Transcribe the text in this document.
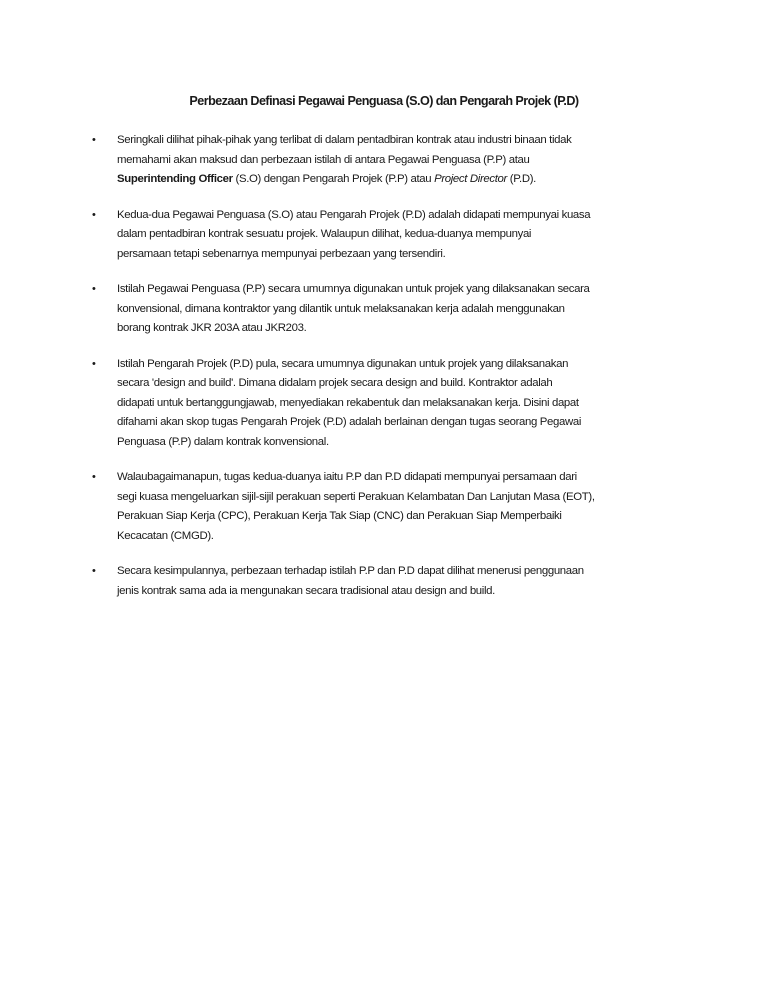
Perbezaan Definasi Pegawai Penguasa (S.O) dan Pengarah Projek (P.D)
• Seringkali dilihat pihak-pihak yang terlibat di dalam pentadbiran kontrak atau industri binaan tidak
memahami akan maksud dan perbezaan istilah di antara Pegawai Penguasa (P.P) atau
Superintending Officer (S.O) dengan Pengarah Projek (P.P) atau Project Director (P.D).
• Kedua-dua Pegawai Penguasa (S.O) atau Pengarah Projek (P.D) adalah didapati mempunyai kuasa
dalam pentadbiran kontrak sesuatu projek. Walaupun dilihat, kedua-duanya mempunyai
persamaan tetapi sebenarnya mempunyai perbezaan yang tersendiri.
• Istilah Pegawai Penguasa (P.P) secara umumnya digunakan untuk projek yang dilaksanakan secara
konvensional, dimana kontraktor yang dilantik untuk melaksanakan kerja adalah menggunakan
borang kontrak JKR 203A atau JKR203.
• Istilah Pengarah Projek (P.D) pula, secara umumnya digunakan untuk projek yang dilaksanakan
secara 'design and build'. Dimana didalam projek secara design and build. Kontraktor adalah
didapati untuk bertanggungjawab, menyediakan rekabentuk dan melaksanakan kerja. Disini dapat
difahami akan skop tugas Pengarah Projek (P.D) adalah berlainan dengan tugas seorang Pegawai
Penguasa (P.P) dalam kontrak konvensional.
• Walaubagaimanapun, tugas kedua-duanya iaitu P.P dan P.D didapati mempunyai persamaan dari
segi kuasa mengeluarkan sijil-sijil perakuan seperti Perakuan Kelambatan Dan Lanjutan Masa (EOT),
Perakuan Siap Kerja (CPC), Perakuan Kerja Tak Siap (CNC) dan Perakuan Siap Memperbaiki
Kecacatan (CMGD).
• Secara kesimpulannya, perbezaan terhadap istilah P.P dan P.D dapat dilihat menerusi penggunaan
jenis kontrak sama ada ia mengunakan secara tradisional atau design and build.
